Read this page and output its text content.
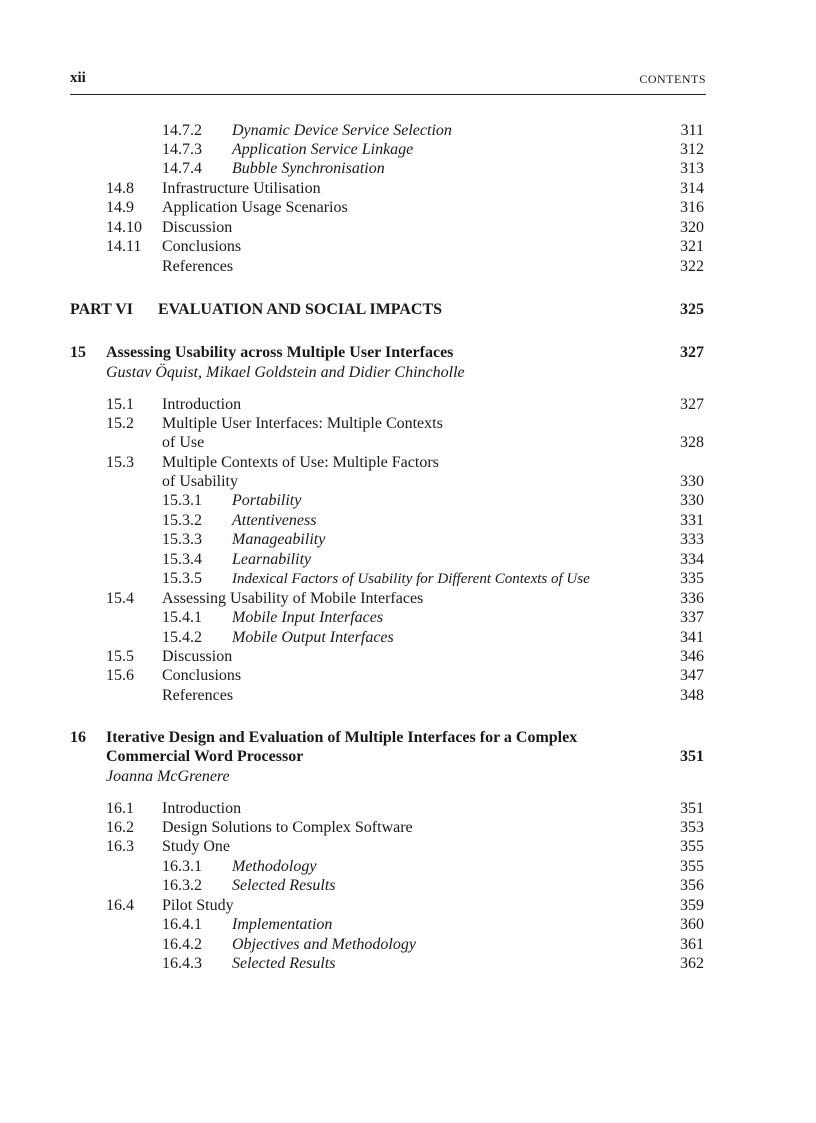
xii	CONTENTS
14.7.2 Dynamic Device Service Selection	311
14.7.3 Application Service Linkage	312
14.7.4 Bubble Synchronisation	313
14.8 Infrastructure Utilisation	314
14.9 Application Usage Scenarios	316
14.10 Discussion	320
14.11 Conclusions	321
References	322
PART VI EVALUATION AND SOCIAL IMPACTS	325
15 Assessing Usability across Multiple User Interfaces	327
Gustav Öquist, Mikael Goldstein and Didier Chincholle
15.1 Introduction	327
15.2 Multiple User Interfaces: Multiple Contexts
of Use	328
15.3 Multiple Contexts of Use: Multiple Factors
of Usability	330
15.3.1 Portability	330
15.3.2 Attentiveness	331
15.3.3 Manageability	333
15.3.4 Learnability	334
15.3.5 Indexical Factors of Usability for Different Contexts of Use	335
15.4 Assessing Usability of Mobile Interfaces	336
15.4.1 Mobile Input Interfaces	337
15.4.2 Mobile Output Interfaces	341
15.5 Discussion	346
15.6 Conclusions	347
References	348
16 Iterative Design and Evaluation of Multiple Interfaces for a Complex
Commercial Word Processor	351
Joanna McGrenere
16.1 Introduction	351
16.2 Design Solutions to Complex Software	353
16.3 Study One	355
16.3.1 Methodology	355
16.3.2 Selected Results	356
16.4 Pilot Study	359
16.4.1 Implementation	360
16.4.2 Objectives and Methodology	361
16.4.3 Selected Results	362
